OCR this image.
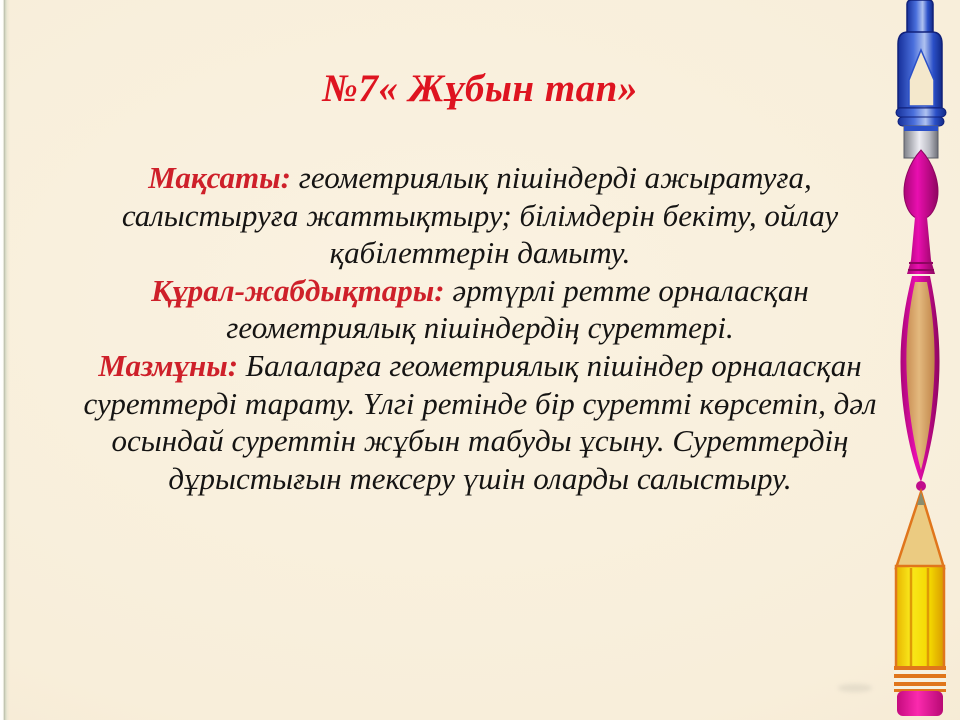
№7« Жұбын тап»

Мақсаты: геометриялық пішіндерді ажыратуға, салыстыруға жаттықтыру; білімдерін бекіту, ойлау қабілеттерін дамыту.

Құрал-жабдықтары: әртүрлі ретте орналасқан геометриялық пішіндердің суреттері.

Мазмұны: Балаларға геометриялық пішіндер орналасқан суреттерді тарату. Үлгі ретінде бір суретті көрсетіп, дәл осындай суреттін жұбын табуды ұсыну. Суреттердің дұрыстығын тексеру үшін оларды салыстыру.
